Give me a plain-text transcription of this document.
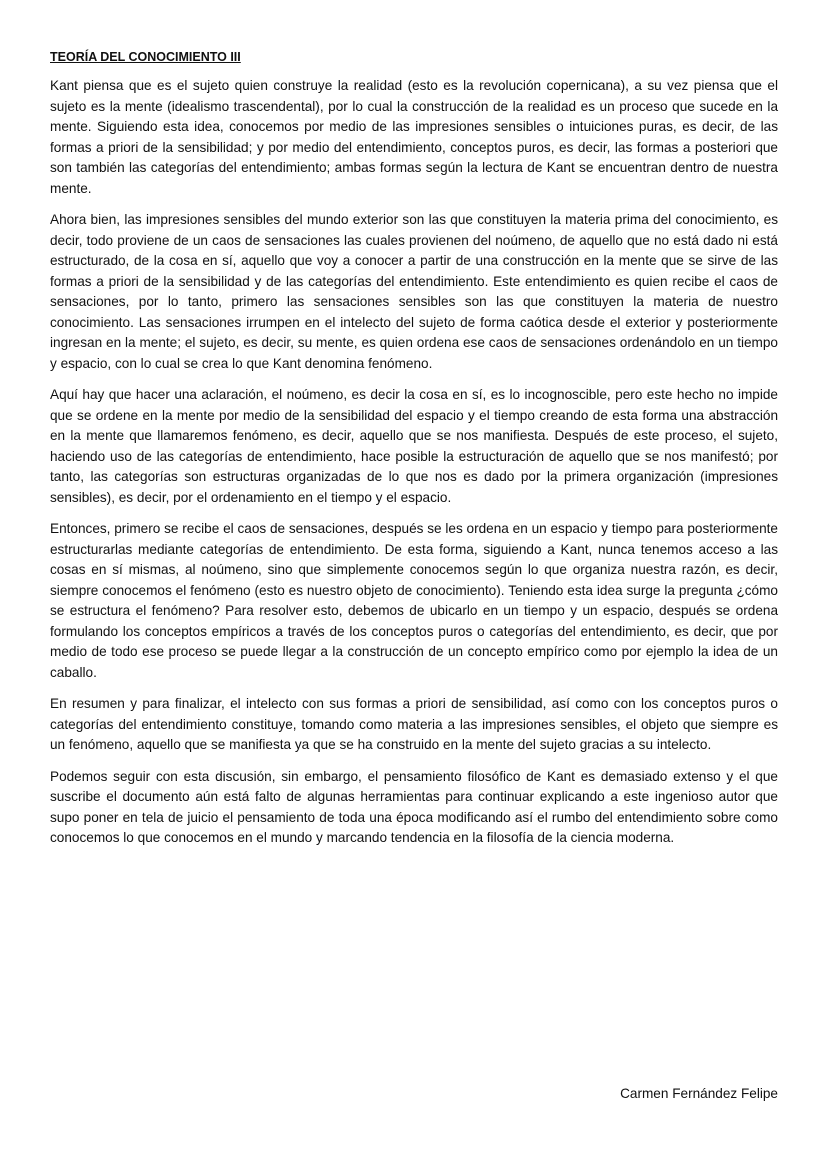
TEORÍA DEL CONOCIMIENTO III

Kant piensa que es el sujeto quien construye la realidad (esto es la revolución copernicana), a su vez piensa que el sujeto es la mente (idealismo trascendental), por lo cual la construcción de la realidad es un proceso que sucede en la mente. Siguiendo esta idea, conocemos por medio de las impresiones sensibles o intuiciones puras, es decir, de las formas a priori de la sensibilidad; y por medio del entendimiento, conceptos puros, es decir, las formas a posteriori que son también las categorías del entendimiento; ambas formas según la lectura de Kant se encuentran dentro de nuestra mente.

Ahora bien, las impresiones sensibles del mundo exterior son las que constituyen la materia prima del conocimiento, es decir, todo proviene de un caos de sensaciones las cuales provienen del noúmeno, de aquello que no está dado ni está estructurado, de la cosa en sí, aquello que voy a conocer a partir de una construcción en la mente que se sirve de las formas a priori de la sensibilidad y de las categorías del entendimiento. Este entendimiento es quien recibe el caos de sensaciones, por lo tanto, primero las sensaciones sensibles son las que constituyen la materia de nuestro conocimiento. Las sensaciones irrumpen en el intelecto del sujeto de forma caótica desde el exterior y posteriormente ingresan en la mente; el sujeto, es decir, su mente, es quien ordena ese caos de sensaciones ordenándolo en un tiempo y espacio, con lo cual se crea lo que Kant denomina fenómeno.

Aquí hay que hacer una aclaración, el noúmeno, es decir la cosa en sí, es lo incognoscible, pero este hecho no impide que se ordene en la mente por medio de la sensibilidad del espacio y el tiempo creando de esta forma una abstracción en la mente que llamaremos fenómeno, es decir, aquello que se nos manifiesta. Después de este proceso, el sujeto, haciendo uso de las categorías de entendimiento, hace posible la estructuración de aquello que se nos manifestó; por tanto, las categorías son estructuras organizadas de lo que nos es dado por la primera organización (impresiones sensibles), es decir, por el ordenamiento en el tiempo y el espacio.

Entonces, primero se recibe el caos de sensaciones, después se les ordena en un espacio y tiempo para posteriormente estructurarlas mediante categorías de entendimiento. De esta forma, siguiendo a Kant, nunca tenemos acceso a las cosas en sí mismas, al noúmeno, sino que simplemente conocemos según lo que organiza nuestra razón, es decir, siempre conocemos el fenómeno (esto es nuestro objeto de conocimiento). Teniendo esta idea surge la pregunta ¿cómo se estructura el fenómeno? Para resolver esto, debemos de ubicarlo en un tiempo y un espacio, después se ordena formulando los conceptos empíricos a través de los conceptos puros o categorías del entendimiento, es decir, que por medio de todo ese proceso se puede llegar a la construcción de un concepto empírico como por ejemplo la idea de un caballo.

En resumen y para finalizar, el intelecto con sus formas a priori de sensibilidad, así como con los conceptos puros o categorías del entendimiento constituye, tomando como materia a las impresiones sensibles, el objeto que siempre es un fenómeno, aquello que se manifiesta ya que se ha construido en la mente del sujeto gracias a su intelecto.

Podemos seguir con esta discusión, sin embargo, el pensamiento filosófico de Kant es demasiado extenso y el que suscribe el documento aún está falto de algunas herramientas para continuar explicando a este ingenioso autor que supo poner en tela de juicio el pensamiento de toda una época modificando así el rumbo del entendimiento sobre como conocemos lo que conocemos en el mundo y marcando tendencia en la filosofía de la ciencia moderna.

Carmen Fernández Felipe
